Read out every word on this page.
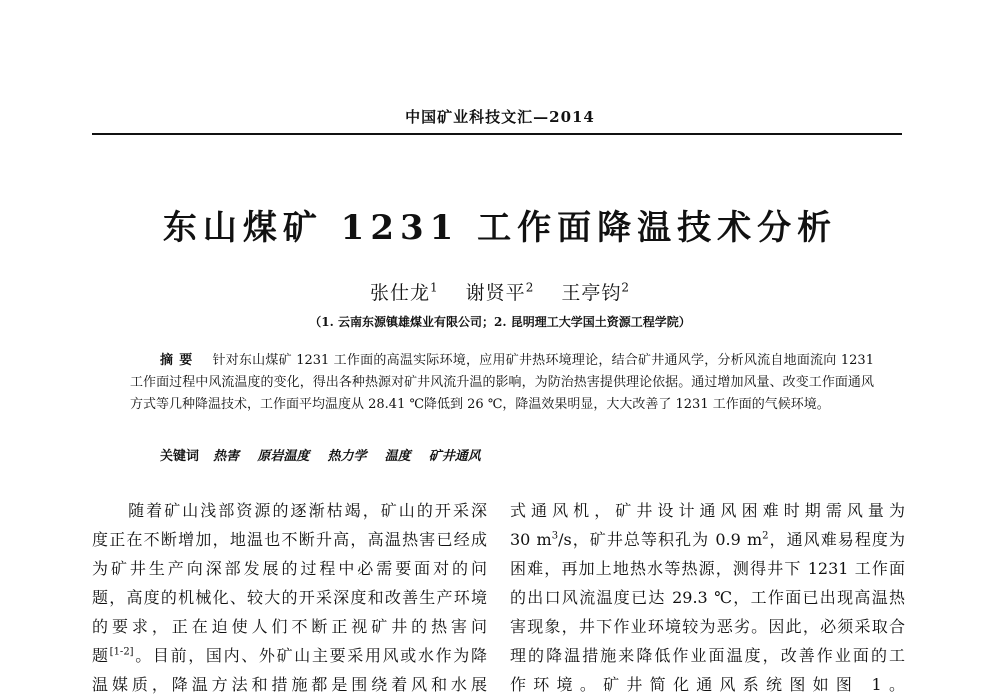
中国矿业科技文汇—2014
东山煤矿 1231 工作面降温技术分析
张仕龙$^1$ 谢贤平$^2$ 王亭钧$^2$
（1. 云南东源镇雄煤业有限公司；2. 昆明理工大学国土资源工程学院）
摘要 针对东山煤矿 1231 工作面的高温实际环境，应用矿井热环境理论，结合矿井通风学，分析风流自地面流向 1231 工作面过程中风流温度的变化，得出各种热源对矿井风流升温的影响，为防治热害提供理论依据。通过增加风量、改变工作面通风方式等几种降温技术，工作面平均温度从 28.41 ℃降低到 26 ℃，降温效果明显，大大改善了 1231 工作面的气候环境。
关键词 热害 原岩温度 热力学 温度 矿井通风
　　随着矿山浅部资源的逐渐枯竭，矿山的开采深
度正在不断增加，地温也不断升高，高温热害已经成
为矿井生产向深部发展的过程中必需要面对的问
题，高度的机械化、较大的开采深度和改善生产环境
的要求，正在迫使人们不断正视矿井的热害问
题[1-2]。目前，国内、外矿山主要采用风或水作为降
温媒质，降温方法和措施都是围绕着风和水展
式通风机，矿井设计通风困难时期需风量为
30 $m^3/s$，矿井总等积孔为 0.9 $m^2$，通风难易程度为
困难，再加上地热水等热源，测得井下 1231 工作面
的出口风流温度已达 29.3 ℃，工作面已出现高温热
害现象，井下作业环境较为恶劣。因此，必须采取合
理的降温措施来降低作业面温度，改善作业面的工
作环境。矿井简化通风系统图如图 1。
